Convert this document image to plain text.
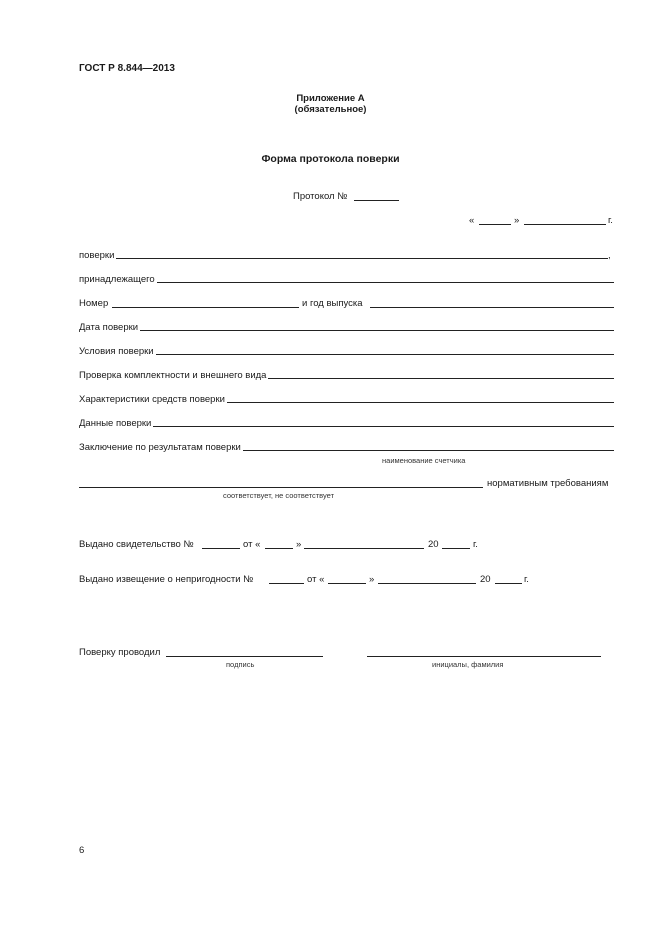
ГОСТ Р 8.844—2013
Приложение А
(обязательное)
Форма протокола поверки
Протокол №
«	»	г.
поверки	,
принадлежащего
Номер	и год выпуска
Дата поверки
Условия поверки
Проверка комплектности и внешнего вида
Характеристики средств поверки
Данные поверки
Заключение по результатам поверки
наименование счетчика
нормативным требованиям
соответствует, не соответствует
Выдано свидетельство №	от «	»	20	г.
Выдано извещение о непригодности №	от «	»	20	г.
Поверку проводил
подпись	инициалы, фамилия
6
